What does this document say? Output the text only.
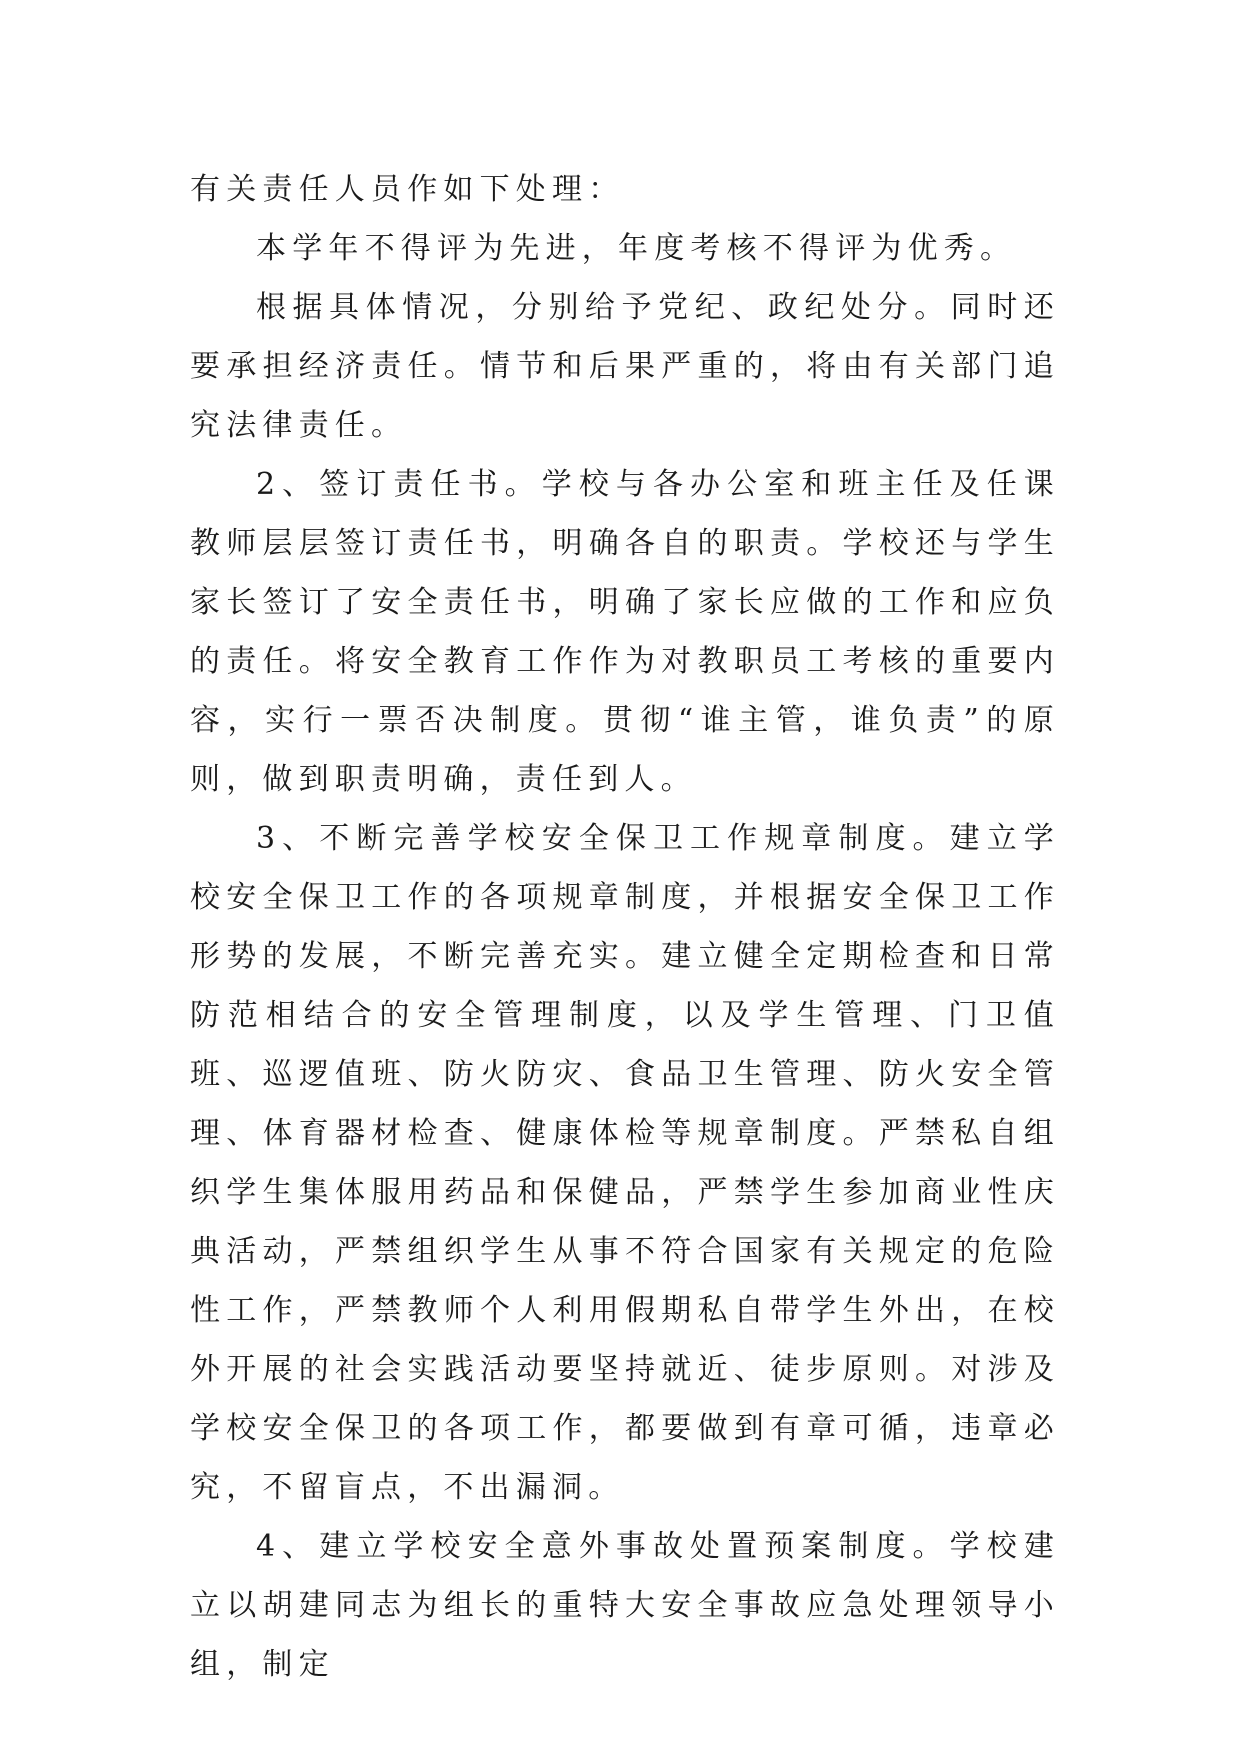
有关责任人员作如下处理：

本学年不得评为先进，年度考核不得评为优秀。

根据具体情况，分别给予党纪、政纪处分。同时还要承担经济责任。情节和后果严重的，将由有关部门追究法律责任。

2、签订责任书。学校与各办公室和班主任及任课教师层层签订责任书，明确各自的职责。学校还与学生家长签订了安全责任书，明确了家长应做的工作和应负的责任。将安全教育工作作为对教职员工考核的重要内容，实行一票否决制度。贯彻“谁主管，谁负责”的原则，做到职责明确，责任到人。

3、不断完善学校安全保卫工作规章制度。建立学校安全保卫工作的各项规章制度，并根据安全保卫工作形势的发展，不断完善充实。建立健全定期检查和日常防范相结合的安全管理制度，以及学生管理、门卫值班、巡逻值班、防火防灾、食品卫生管理、防火安全管理、体育器材检查、健康体检等规章制度。严禁私自组织学生集体服用药品和保健品，严禁学生参加商业性庆典活动，严禁组织学生从事不符合国家有关规定的危险性工作，严禁教师个人利用假期私自带学生外出，在校外开展的社会实践活动要坚持就近、徒步原则。对涉及学校安全保卫的各项工作，都要做到有章可循，违章必究，不留盲点，不出漏洞。

4、建立学校安全意外事故处置预案制度。学校建立以胡建同志为组长的重特大安全事故应急处理领导小组，制定
